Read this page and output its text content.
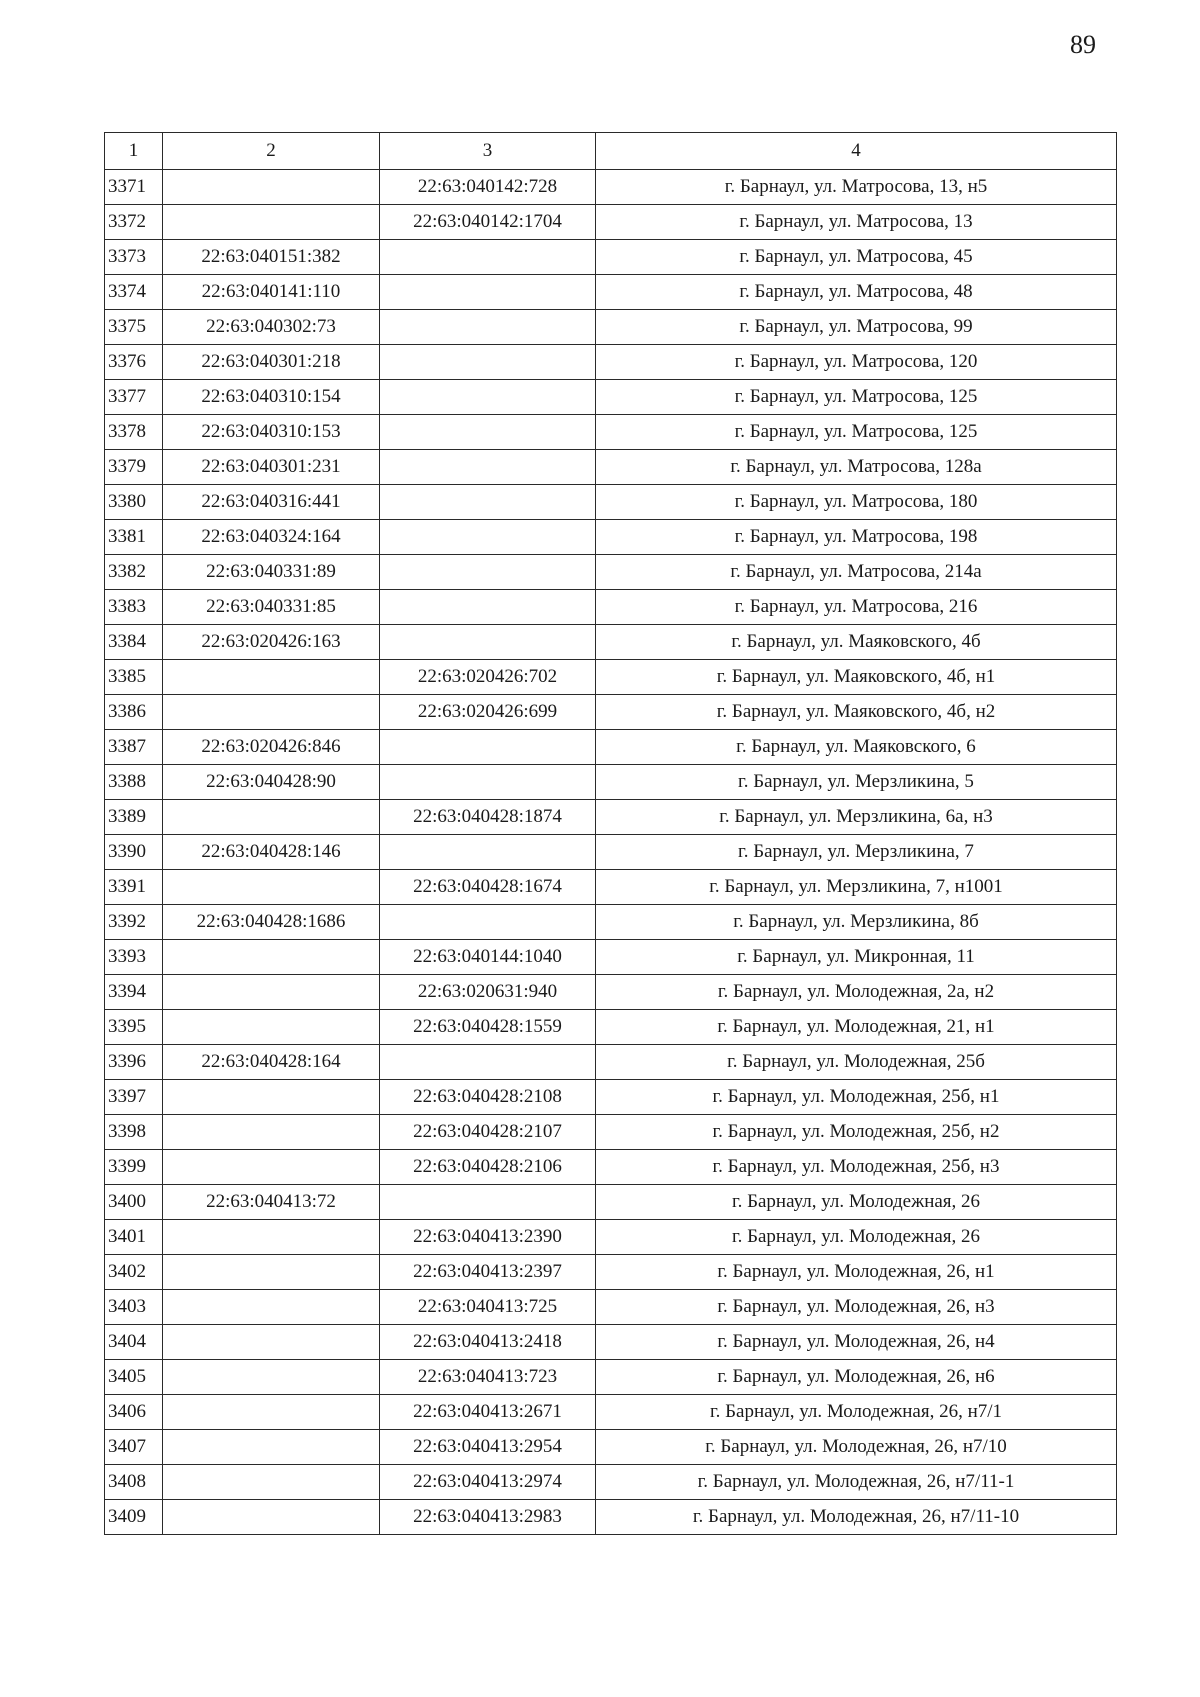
89
1	2	3	4
3371		22:63:040142:728	г. Барнаул, ул. Матросова, 13, н5
3372		22:63:040142:1704	г. Барнаул, ул. Матросова, 13
3373	22:63:040151:382		г. Барнаул, ул. Матросова, 45
3374	22:63:040141:110		г. Барнаул, ул. Матросова, 48
3375	22:63:040302:73		г. Барнаул, ул. Матросова, 99
3376	22:63:040301:218		г. Барнаул, ул. Матросова, 120
3377	22:63:040310:154		г. Барнаул, ул. Матросова, 125
3378	22:63:040310:153		г. Барнаул, ул. Матросова, 125
3379	22:63:040301:231		г. Барнаул, ул. Матросова, 128а
3380	22:63:040316:441		г. Барнаул, ул. Матросова, 180
3381	22:63:040324:164		г. Барнаул, ул. Матросова, 198
3382	22:63:040331:89		г. Барнаул, ул. Матросова, 214а
3383	22:63:040331:85		г. Барнаул, ул. Матросова, 216
3384	22:63:020426:163		г. Барнаул, ул. Маяковского, 4б
3385		22:63:020426:702	г. Барнаул, ул. Маяковского, 4б, н1
3386		22:63:020426:699	г. Барнаул, ул. Маяковского, 4б, н2
3387	22:63:020426:846		г. Барнаул, ул. Маяковского, 6
3388	22:63:040428:90		г. Барнаул, ул. Мерзликина, 5
3389		22:63:040428:1874	г. Барнаул, ул. Мерзликина, 6а, н3
3390	22:63:040428:146		г. Барнаул, ул. Мерзликина, 7
3391		22:63:040428:1674	г. Барнаул, ул. Мерзликина, 7, н1001
3392	22:63:040428:1686		г. Барнаул, ул. Мерзликина, 8б
3393		22:63:040144:1040	г. Барнаул, ул. Микронная, 11
3394		22:63:020631:940	г. Барнаул, ул. Молодежная, 2а, н2
3395		22:63:040428:1559	г. Барнаул, ул. Молодежная, 21, н1
3396	22:63:040428:164		г. Барнаул, ул. Молодежная, 25б
3397		22:63:040428:2108	г. Барнаул, ул. Молодежная, 25б, н1
3398		22:63:040428:2107	г. Барнаул, ул. Молодежная, 25б, н2
3399		22:63:040428:2106	г. Барнаул, ул. Молодежная, 25б, н3
3400	22:63:040413:72		г. Барнаул, ул. Молодежная, 26
3401		22:63:040413:2390	г. Барнаул, ул. Молодежная, 26
3402		22:63:040413:2397	г. Барнаул, ул. Молодежная, 26, н1
3403		22:63:040413:725	г. Барнаул, ул. Молодежная, 26, н3
3404		22:63:040413:2418	г. Барнаул, ул. Молодежная, 26, н4
3405		22:63:040413:723	г. Барнаул, ул. Молодежная, 26, н6
3406		22:63:040413:2671	г. Барнаул, ул. Молодежная, 26, н7/1
3407		22:63:040413:2954	г. Барнаул, ул. Молодежная, 26, н7/10
3408		22:63:040413:2974	г. Барнаул, ул. Молодежная, 26, н7/11-1
3409		22:63:040413:2983	г. Барнаул, ул. Молодежная, 26, н7/11-10
